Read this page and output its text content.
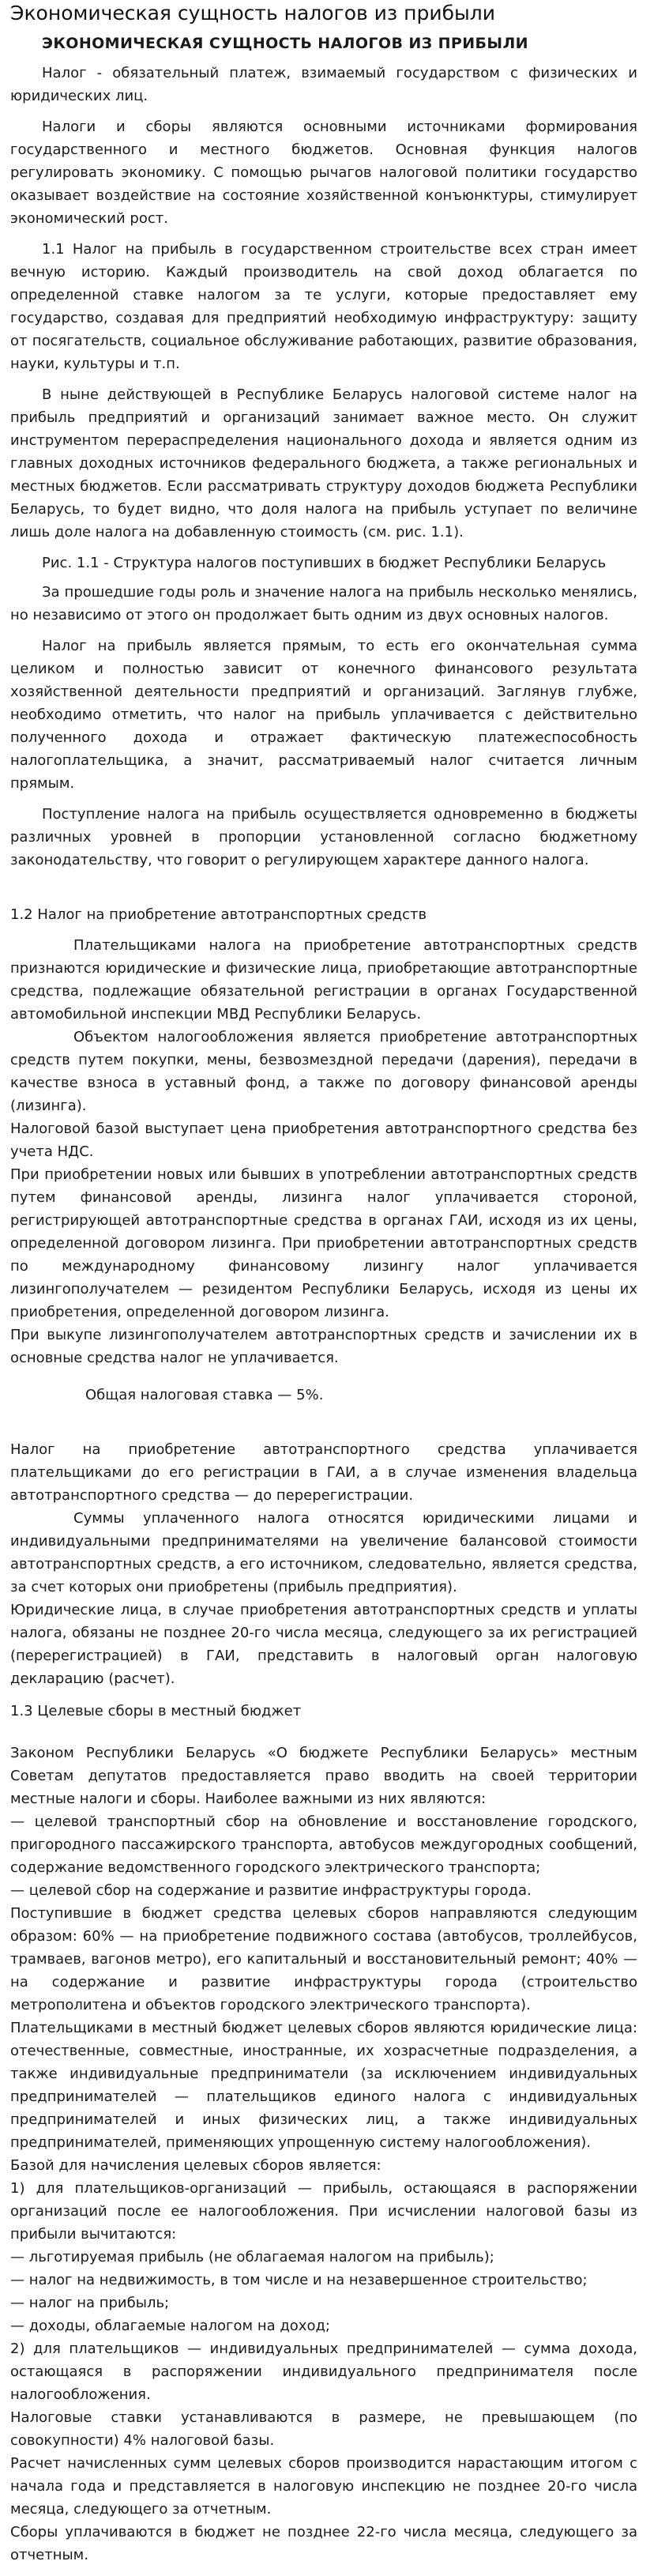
Экономическая сущность налогов из прибыли
ЭКОНОМИЧЕСКАЯ СУЩНОСТЬ НАЛОГОВ ИЗ ПРИБЫЛИ

Налог - обязательный платеж, взимаемый государством с физических и юридических лиц.

Налоги и сборы являются основными источниками формирования государственного и местного бюджетов. Основная функция налогов регулировать экономику. С помощью рычагов налоговой политики государство оказывает воздействие на состояние хозяйственной конъюнктуры, стимулирует экономический рост.

1.1 Налог на прибыль в государственном строительстве всех стран имеет вечную историю. Каждый производитель на свой доход облагается по определенной ставке налогом за те услуги, которые предоставляет ему государство, создавая для предприятий необходимую инфраструктуру: защиту от посягательств, социальное обслуживание работающих, развитие образования, науки, культуры и т.п.

В ныне действующей в Республике Беларусь налоговой системе налог на прибыль предприятий и организаций занимает важное место. Он служит инструментом перераспределения национального дохода и является одним из главных доходных источников федерального бюджета, а также региональных и местных бюджетов. Если рассматривать структуру доходов бюджета Республики Беларусь, то будет видно, что доля налога на прибыль уступает по величине лишь доле налога на добавленную стоимость (см. рис. 1.1).

Рис. 1.1 - Структура налогов поступивших в бюджет Республики Беларусь

За прошедшие годы роль и значение налога на прибыль несколько менялись, но независимо от этого он продолжает быть одним из двух основных налогов.

Налог на прибыль является прямым, то есть его окончательная сумма целиком и полностью зависит от конечного финансового результата хозяйственной деятельности предприятий и организаций. Заглянув глубже, необходимо отметить, что налог на прибыль уплачивается с действительно полученного дохода и отражает фактическую платежеспособность налогоплательщика, а значит, рассматриваемый налог считается личным прямым.

Поступление налога на прибыль осуществляется одновременно в бюджеты различных уровней в пропорции установленной согласно бюджетному законодательству, что говорит о регулирующем характере данного налога.

1.2 Налог на приобретение автотранспортных средств

Плательщиками налога на приобретение автотранспортных средств признаются юридические и физические лица, приобретающие автотранспортные средства, подлежащие обязательной регистрации в органах Государственной автомобильной инспекции МВД Республики Беларусь.

Объектом налогообложения является приобретение автотранспортных средств путем покупки, мены, безвозмездной передачи (дарения), передачи в качестве взноса в уставный фонд, а также по договору финансовой аренды (лизинга).

Налоговой базой выступает цена приобретения автотранспортного средства без учета НДС.

При приобретении новых или бывших в употреблении автотранспортных средств путем финансовой аренды, лизинга налог уплачивается стороной, регистрирующей автотранспортные средства в органах ГАИ, исходя из их цены, определенной договором лизинга. При приобретении автотранспортных средств по международному финансовому лизингу налог уплачивается лизингополучателем — резидентом Республики Беларусь, исходя из цены их приобретения, определенной договором лизинга.

При выкупе лизингополучателем автотранспортных средств и зачислении их в основные средства налог не уплачивается.

Общая налоговая ставка — 5%.

Налог на приобретение автотранспортного средства уплачивается плательщиками до его регистрации в ГАИ, а в случае изменения владельца автотранспортного средства — до перерегистрации.

Суммы уплаченного налога относятся юридическими лицами и индивидуальными предпринимателями на увеличение балансовой стоимости автотранспортных средств, а его источником, следовательно, является средства, за счет которых они приобретены (прибыль предприятия).

Юридические лица, в случае приобретения автотранспортных средств и уплаты налога, обязаны не позднее 20-го числа месяца, следующего за их регистрацией (перерегистрацией) в ГАИ, представить в налоговый орган налоговую декларацию (расчет).

1.3 Целевые сборы в местный бюджет

Законом Республики Беларусь «О бюджете Республики Беларусь» местным Советам депутатов предоставляется право вводить на своей территории местные налоги и сборы. Наиболее важными из них являются:

— целевой транспортный сбор на обновление и восстановление городского, пригородного пассажирского транспорта, автобусов междугородных сообщений, содержание ведомственного городского электрического транспорта;

— целевой сбор на содержание и развитие инфраструктуры города.

Поступившие в бюджет средства целевых сборов направляются следующим образом: 60% — на приобретение подвижного состава (автобусов, троллейбусов, трамваев, вагонов метро), его капитальный и восстановительный ремонт; 40% — на содержание и развитие инфраструктуры города (строительство метрополитена и объектов городского электрического транспорта).

Плательщиками в местный бюджет целевых сборов являются юридические лица: отечественные, совместные, иностранные, их хозрасчетные подразделения, а также индивидуальные предприниматели (за исключением индивидуальных предпринимателей — плательщиков единого налога с индивидуальных предпринимателей и иных физических лиц, а также индивидуальных предпринимателей, применяющих упрощенную систему налогообложения).

Базой для начисления целевых сборов является:

1) для плательщиков-организаций — прибыль, остающаяся в распоряжении организаций после ее налогообложения. При исчислении налоговой базы из прибыли вычитаются:

— льготируемая прибыль (не облагаемая налогом на прибыль);

— налог на недвижимость, в том числе и на незавершенное строительство;

— налог на прибыль;

— доходы, облагаемые налогом на доход;

2) для плательщиков — индивидуальных предпринимателей — сумма дохода, остающаяся в распоряжении индивидуального предпринимателя после налогообложения.

Налоговые ставки устанавливаются в размере, не превышающем (по совокупности) 4% налоговой базы.

Расчет начисленных сумм целевых сборов производится нарастающим итогом с начала года и представляется в налоговую инспекцию не позднее 20-го числа месяца, следующего за отчетным.

Сборы уплачиваются в бюджет не позднее 22-го числа месяца, следующего за отчетным.
